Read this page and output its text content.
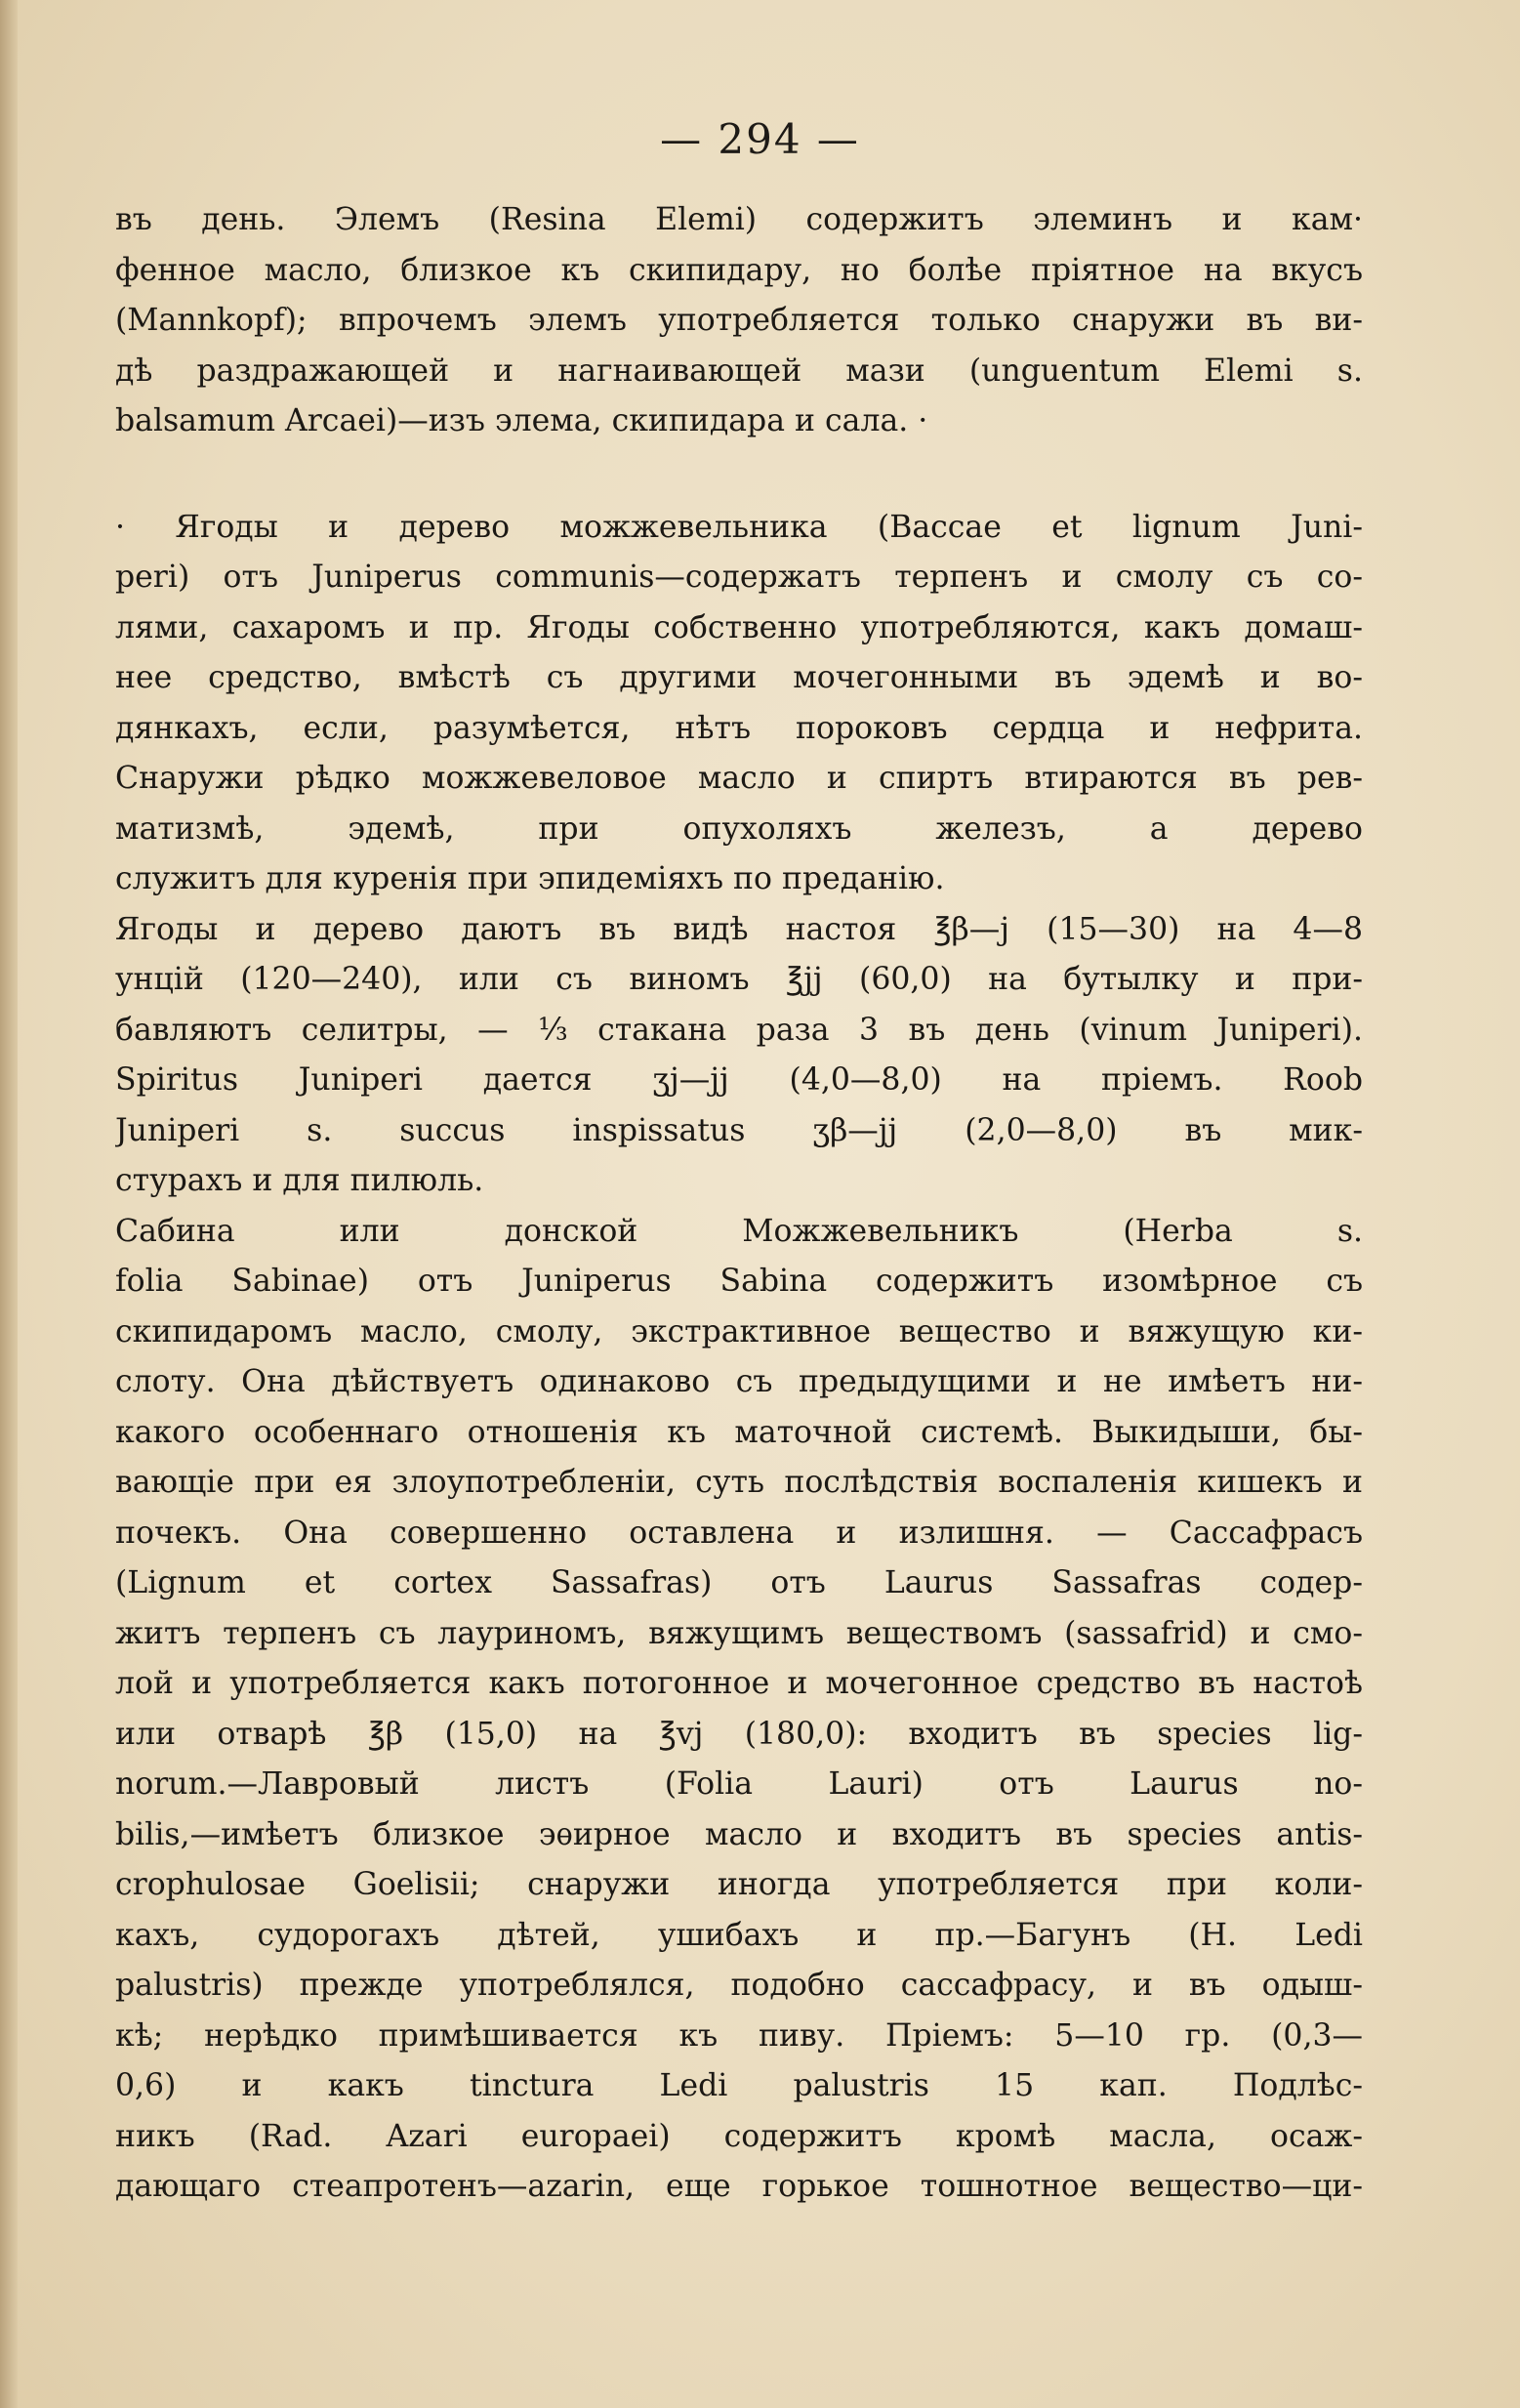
— 294 —
въ день. Элемъ (Resina Elemi) содержитъ элеминъ и кам·
фенное масло, близкое къ скипидару, но болѣе пріятное на вкусъ
(Mannkopf); впрочемъ элемъ употребляется только снаружи въ ви-
дѣ раздражающей и нагнаивающей мази (unguentum Elemi s.
balsamum Arcaei)—изъ элема, скипидара и сала. ·
· Ягоды и дерево можжевельника (Baccae et lignum Juni-
peri) отъ Juniperus communis—содержатъ терпенъ и смолу съ со-
лями, сахаромъ и пр. Ягоды собственно употребляются, какъ домаш-
нее средство, вмѣстѣ съ другими мочегонными въ эдемѣ и во-
дянкахъ, если, разумѣется, нѣтъ пороковъ сердца и нефрита.
Снаружи рѣдко можжевеловое масло и спиртъ втираются въ рев-
матизмѣ, эдемѣ, при опухоляхъ железъ, а дерево
служитъ для куренія при эпидеміяхъ по преданію.
Ягоды и дерево даютъ въ видѣ настоя ℥β—j (15—30) на 4—8
унцій (120—240), или съ виномъ ℥jj (60,0) на бутылку и при-
бавляютъ селитры, — ⅓ стакана раза 3 въ день (vinum Juniperi).
Spiritus Juniperi дается ʒj—jj (4,0—8,0) на пріемъ. Roob
Juniperi s. succus inspissatus ʒβ—jj (2,0—8,0) въ мик-
стурахъ и для пилюль.
Сабина или донской Можжевельникъ (Herba s.
folia Sabinae) отъ Juniperus Sabina содержитъ изомѣрное съ
скипидаромъ масло, смолу, экстрактивное вещество и вяжущую ки-
слоту. Она дѣйствуетъ одинаково съ предыдущими и не имѣетъ ни-
какого особеннаго отношенія къ маточной системѣ. Выкидыши, бы-
вающіе при ея злоупотребленіи, суть послѣдствія воспаленія кишекъ и
почекъ. Она совершенно оставлена и излишня. — Сассафрасъ
(Lignum et cortex Sassafras) отъ Laurus Sassafras содер-
житъ терпенъ съ лауриномъ, вяжущимъ веществомъ (sassafrid) и смо-
лой и употребляется какъ потогонное и мочегонное средство въ настоѣ
или отварѣ ℥β (15,0) на ℥vj (180,0): входитъ въ species lig-
norum.—Лавровый листъ (Folia Lauri) отъ Laurus no-
bilis,—имѣетъ близкое эѳирное масло и входитъ въ species antis-
crophulosae Goelisii; снаружи иногда употребляется при коли-
кахъ, судорогахъ дѣтей, ушибахъ и пр.—Багунъ (H. Ledi
palustris) прежде употреблялся, подобно сассафрасу, и въ одыш-
кѣ; нерѣдко примѣшивается къ пиву. Пріемъ: 5—10 гр. (0,3—
0,6) и какъ tinctura Ledi palustris 15 кап. Подлѣс-
никъ (Rad. Azari europaei) содержитъ кромѣ масла, осаж-
дающаго стеапротенъ—azarin, еще горькое тошнотное вещество—ци-
